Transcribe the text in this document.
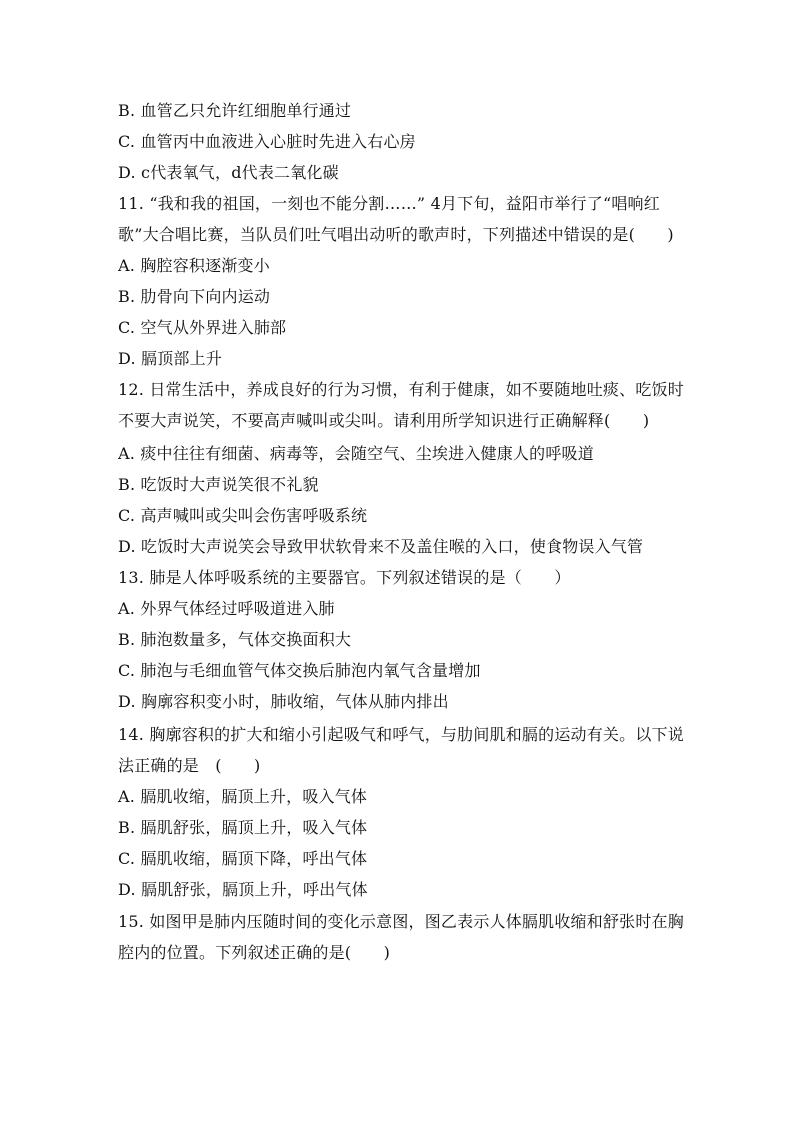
B. 血管乙只允许红细胞单行通过
C. 血管丙中血液进入心脏时先进入右心房
D. c代表氧气，d代表二氧化碳
11. “我和我的祖国，一刻也不能分割……” 4月下旬，益阳市举行了“唱响红
歌”大合唱比赛，当队员们吐气唱出动听的歌声时，下列描述中错误的是(　　)
A. 胸腔容积逐渐变小
B. 肋骨向下向内运动
C. 空气从外界进入肺部
D. 膈顶部上升
12. 日常生活中，养成良好的行为习惯，有利于健康，如不要随地吐痰、吃饭时
不要大声说笑，不要高声喊叫或尖叫。请利用所学知识进行正确解释(　　)
A. 痰中往往有细菌、病毒等，会随空气、尘埃进入健康人的呼吸道
B. 吃饭时大声说笑很不礼貌
C. 高声喊叫或尖叫会伤害呼吸系统
D. 吃饭时大声说笑会导致甲状软骨来不及盖住喉的入口，使食物误入气管
13. 肺是人体呼吸系统的主要器官。下列叙述错误的是（　　）
A. 外界气体经过呼吸道进入肺
B. 肺泡数量多，气体交换面积大
C. 肺泡与毛细血管气体交换后肺泡内氧气含量增加
D. 胸廓容积变小时，肺收缩，气体从肺内排出
14. 胸廓容积的扩大和缩小引起吸气和呼气，与肋间肌和膈的运动有关。以下说
法正确的是　(　　)
A. 膈肌收缩，膈顶上升，吸入气体
B. 膈肌舒张，膈顶上升，吸入气体
C. 膈肌收缩，膈顶下降，呼出气体
D. 膈肌舒张，膈顶上升，呼出气体
15. 如图甲是肺内压随时间的变化示意图，图乙表示人体膈肌收缩和舒张时在胸
腔内的位置。下列叙述正确的是(　　)
